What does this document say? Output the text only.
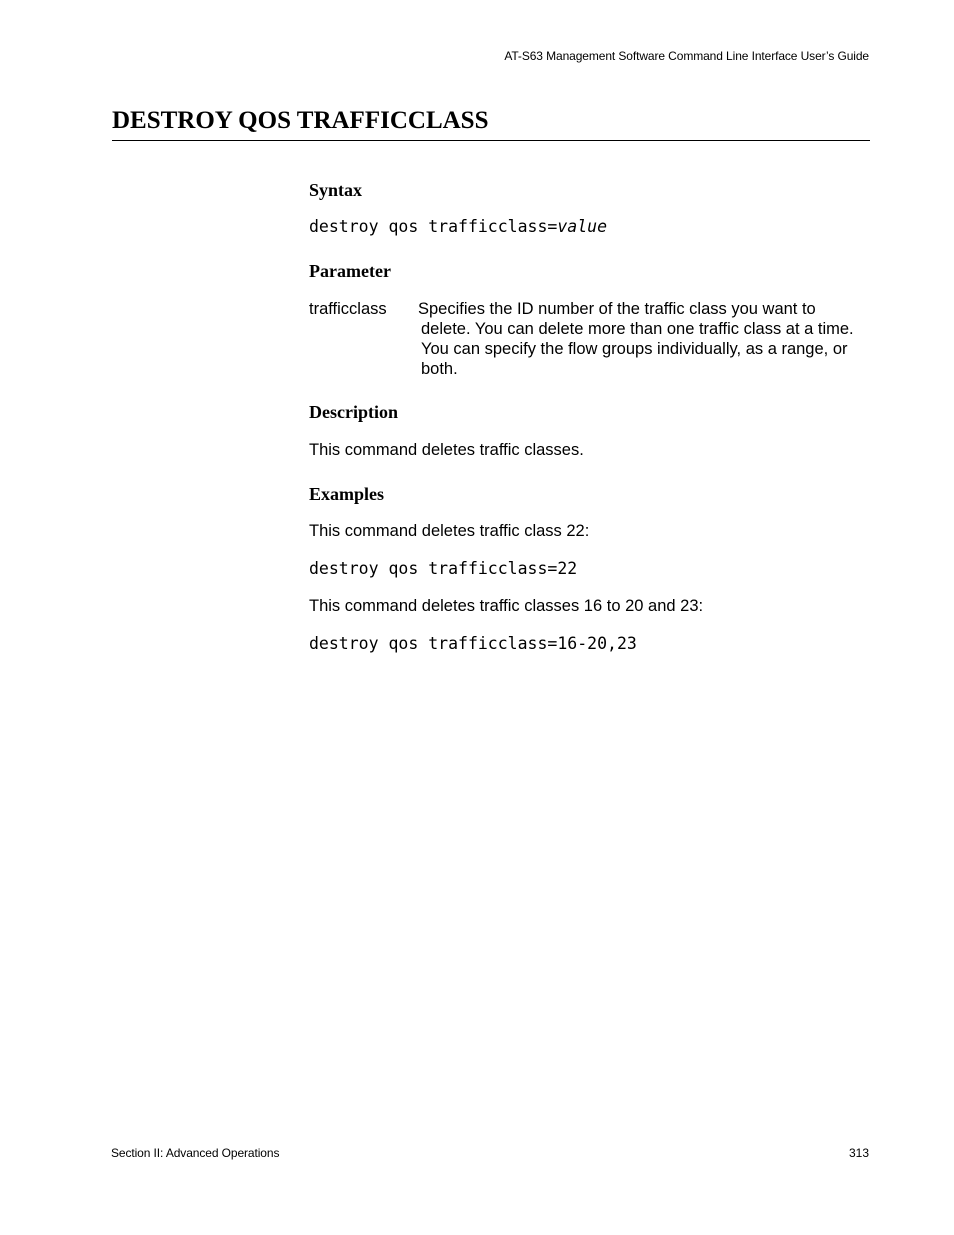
AT-S63 Management Software Command Line Interface User’s Guide
DESTROY QOS TRAFFICCLASS
Syntax
destroy qos trafficclass=value
Parameter
trafficclass Specifies the ID number of the traffic class you want to
delete. You can delete more than one traffic class at a time.
You can specify the flow groups individually, as a range, or
both.
Description
This command deletes traffic classes.
Examples
This command deletes traffic class 22:
destroy qos trafficclass=22
This command deletes traffic classes 16 to 20 and 23:
destroy qos trafficclass=16-20,23
Section II: Advanced Operations	313
